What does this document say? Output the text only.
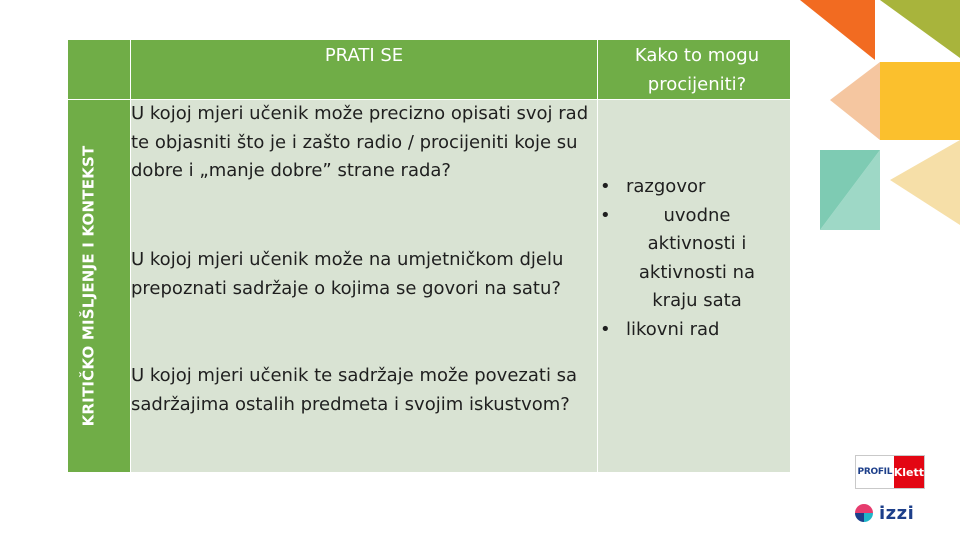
PRATI SE	Kako to mogu procijeniti?
KRITIČKO MIŠLJENJE I KONTEKST

U kojoj mjeri učenik može precizno opisati svoj rad te objasniti što je i zašto radio / procijeniti koje su dobre i „manje dobre” strane rada?

U kojoj mjeri učenik može na umjetničkom djelu prepoznati sadržaje o kojima se govori na satu?

U kojoj mjeri učenik te sadržaje može povezati sa sadržajima ostalih predmeta i svojim iskustvom?

• razgovor
•	uvodne aktivnosti i aktivnosti na kraju sata
• likovni rad
PROFIL Klett
izzi
